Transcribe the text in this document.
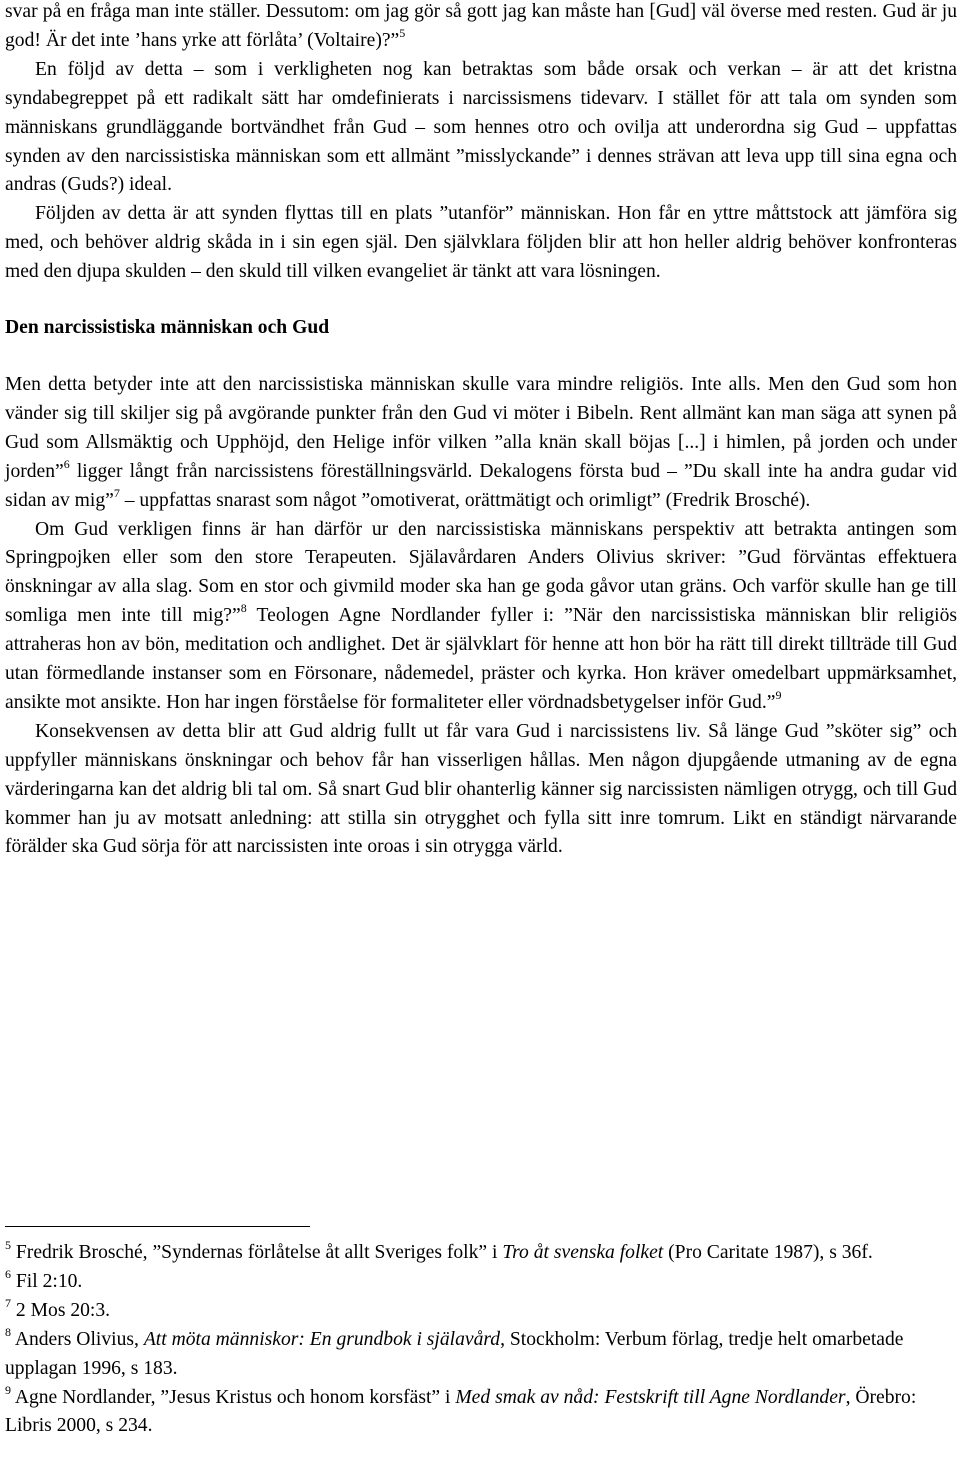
svar på en fråga man inte ställer. Dessutom: om jag gör så gott jag kan måste han [Gud] väl överse med resten. Gud är ju god! Är det inte ’hans yrke att förlåta’ (Voltaire)?”$^5$

En följd av detta – som i verkligheten nog kan betraktas som både orsak och verkan – är att det kristna syndabegreppet på ett radikalt sätt har omdefinierats i narcissismens tidevarv. I stället för att tala om synden som människans grundläggande bortvändhet från Gud – som hennes otro och ovilja att underordna sig Gud – uppfattas synden av den narcissistiska människan som ett allmänt ”misslyckande” i dennes strävan att leva upp till sina egna och andras (Guds?) ideal.

Följden av detta är att synden flyttas till en plats ”utanför” människan. Hon får en yttre måttstock att jämföra sig med, och behöver aldrig skåda in i sin egen själ. Den självklara följden blir att hon heller aldrig behöver konfronteras med den djupa skulden – den skuld till vilken evangeliet är tänkt att vara lösningen.

Den narcissistiska människan och Gud

Men detta betyder inte att den narcissistiska människan skulle vara mindre religiös. Inte alls. Men den Gud som hon vänder sig till skiljer sig på avgörande punkter från den Gud vi möter i Bibeln. Rent allmänt kan man säga att synen på Gud som Allsmäktig och Upphöjd, den Helige inför vilken ”alla knän skall böjas [...] i himlen, på jorden och under jorden”$^6$ ligger långt från narcissistens föreställningsvärld. Dekalogens första bud – ”Du skall inte ha andra gudar vid sidan av mig”$^7$ – uppfattas snarast som något ”omotiverat, orättmätigt och orimligt” (Fredrik Brosché).

Om Gud verkligen finns är han därför ur den narcissistiska människans perspektiv att betrakta antingen som Springpojken eller som den store Terapeuten. Själavårdaren Anders Olivius skriver: ”Gud förväntas effektuera önskningar av alla slag. Som en stor och givmild moder ska han ge goda gåvor utan gräns. Och varför skulle han ge till somliga men inte till mig?”$^8$ Teologen Agne Nordlander fyller i: ”När den narcissistiska människan blir religiös attraheras hon av bön, meditation och andlighet. Det är självklart för henne att hon bör ha rätt till direkt tillträde till Gud utan förmedlande instanser som en Försonare, nådemedel, präster och kyrka. Hon kräver omedelbart uppmärksamhet, ansikte mot ansikte. Hon har ingen förståelse för formaliteter eller vördnadsbetygelser inför Gud.”$^9$

Konsekvensen av detta blir att Gud aldrig fullt ut får vara Gud i narcissistens liv. Så länge Gud ”sköter sig” och uppfyller människans önskningar och behov får han visserligen hållas. Men någon djupgående utmaning av de egna värderingarna kan det aldrig bli tal om. Så snart Gud blir ohanterlig känner sig narcissisten nämligen otrygg, och till Gud kommer han ju av motsatt anledning: att stilla sin otrygghet och fylla sitt inre tomrum. Likt en ständigt närvarande förälder ska Gud sörja för att narcissisten inte oroas i sin otrygga värld.

$^5$ Fredrik Brosché, ”Syndernas förlåtelse åt allt Sveriges folk” i Tro åt svenska folket (Pro Caritate 1987), s 36f.

$^6$ Fil 2:10.

$^7$ 2 Mos 20:3.

$^8$ Anders Olivius, Att möta människor: En grundbok i själavård, Stockholm: Verbum förlag, tredje helt omarbetade upplagan 1996, s 183.

$^9$ Agne Nordlander, ”Jesus Kristus och honom korsfäst” i Med smak av nåd: Festskrift till Agne Nordlander, Örebro: Libris 2000, s 234.
